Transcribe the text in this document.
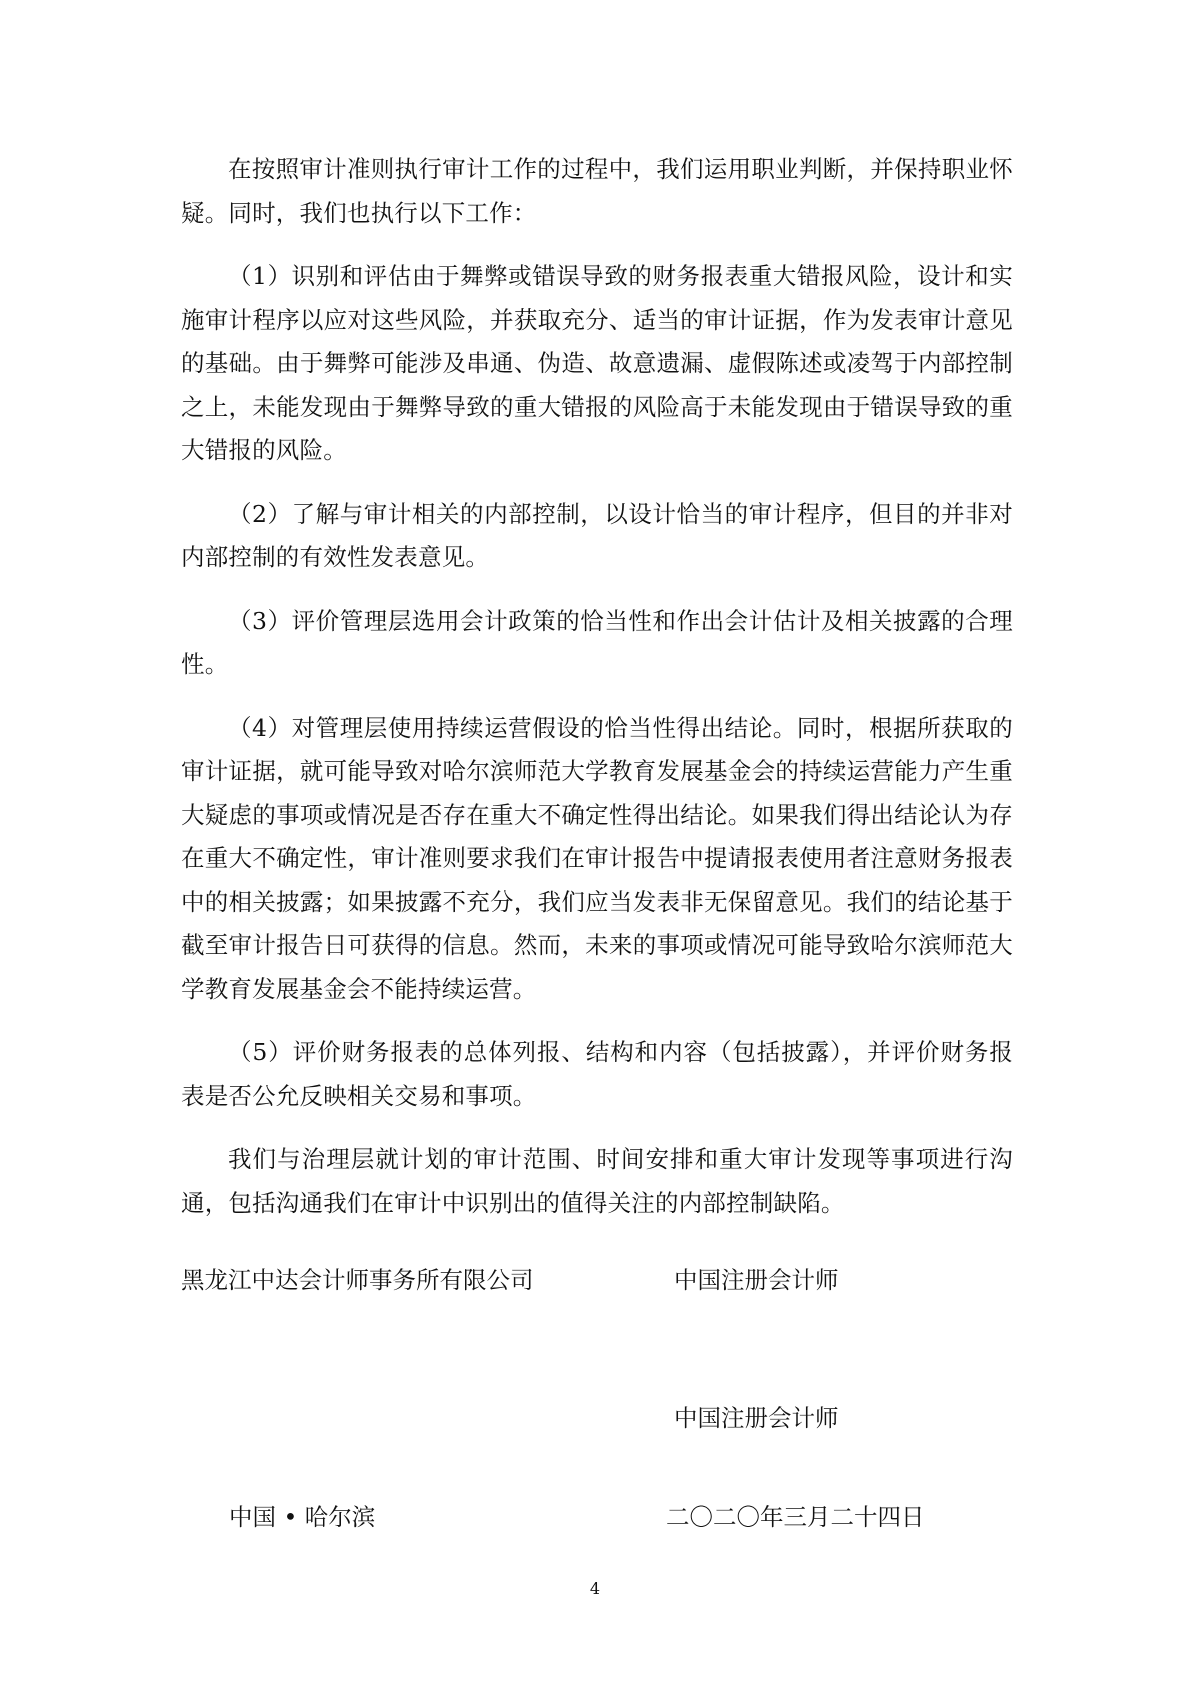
在按照审计准则执行审计工作的过程中，我们运用职业判断，并保持职业怀疑。同时，我们也执行以下工作：

（1）识别和评估由于舞弊或错误导致的财务报表重大错报风险，设计和实施审计程序以应对这些风险，并获取充分、适当的审计证据，作为发表审计意见的基础。由于舞弊可能涉及串通、伪造、故意遗漏、虚假陈述或凌驾于内部控制之上，未能发现由于舞弊导致的重大错报的风险高于未能发现由于错误导致的重大错报的风险。

（2）了解与审计相关的内部控制，以设计恰当的审计程序，但目的并非对内部控制的有效性发表意见。

（3）评价管理层选用会计政策的恰当性和作出会计估计及相关披露的合理性。

（4）对管理层使用持续运营假设的恰当性得出结论。同时，根据所获取的审计证据，就可能导致对哈尔滨师范大学教育发展基金会的持续运营能力产生重大疑虑的事项或情况是否存在重大不确定性得出结论。如果我们得出结论认为存在重大不确定性，审计准则要求我们在审计报告中提请报表使用者注意财务报表中的相关披露；如果披露不充分，我们应当发表非无保留意见。我们的结论基于截至审计报告日可获得的信息。然而，未来的事项或情况可能导致哈尔滨师范大学教育发展基金会不能持续运营。

（5）评价财务报表的总体列报、结构和内容（包括披露），并评价财务报表是否公允反映相关交易和事项。

我们与治理层就计划的审计范围、时间安排和重大审计发现等事项进行沟通，包括沟通我们在审计中识别出的值得关注的内部控制缺陷。

黑龙江中达会计师事务所有限公司	中国注册会计师

中国注册会计师

中国 • 哈尔滨	二〇二〇年三月二十四日

4
